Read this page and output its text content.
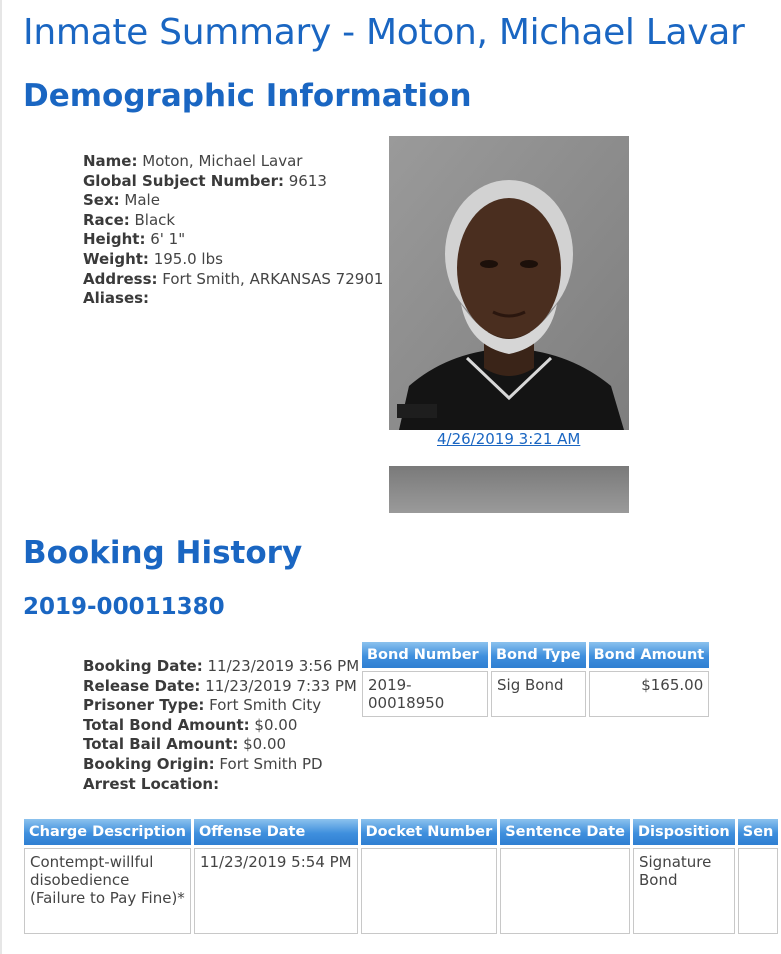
Inmate Summary - Moton, Michael Lavar
Demographic Information
Name: Moton, Michael Lavar
Global Subject Number: 9613
Sex: Male
Race: Black
Height: 6' 1"
Weight: 195.0 lbs
Address: Fort Smith, ARKANSAS 72901
Aliases:
4/26/2019 3:21 AM
Booking History
2019-00011380
Booking Date: 11/23/2019 3:56 PM
Release Date: 11/23/2019 7:33 PM
Prisoner Type: Fort Smith City
Total Bond Amount: $0.00
Total Bail Amount: $0.00
Booking Origin: Fort Smith PD
Arrest Location:
Bond Number	Bond Type	Bond Amount
2019-00018950	Sig Bond	$165.00
Charge Description	Offense Date	Docket Number	Sentence Date	Disposition	Sen
Contempt-willful disobedience (Failure to Pay Fine)*	11/23/2019 5:54 PM			Signature Bond	
